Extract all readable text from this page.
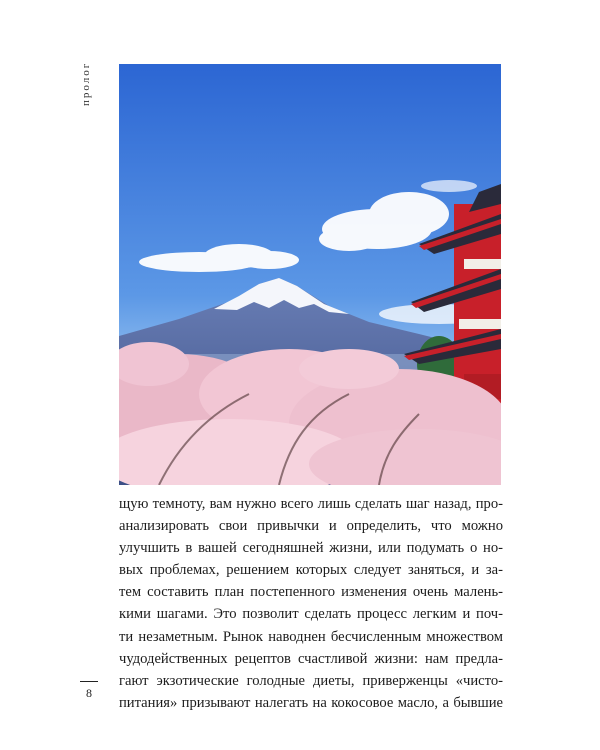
пролог
щую темноту, вам нужно всего лишь сделать шаг назад, про-
анализировать свои привычки и определить, что можно
улучшить в вашей сегодняшней жизни, или подумать о но-
вых проблемах, решением которых следует заняться, и за-
тем составить план постепенного изменения очень малень-
кими шагами. Это позволит сделать процесс легким и поч-
ти незаметным. Рынок наводнен бесчисленным множеством
чудодейственных рецептов счастливой жизни: нам предла-
гают экзотические голодные диеты, приверженцы «чисто-
питания» призывают налегать на кокосовое масло, а бывшие
8
